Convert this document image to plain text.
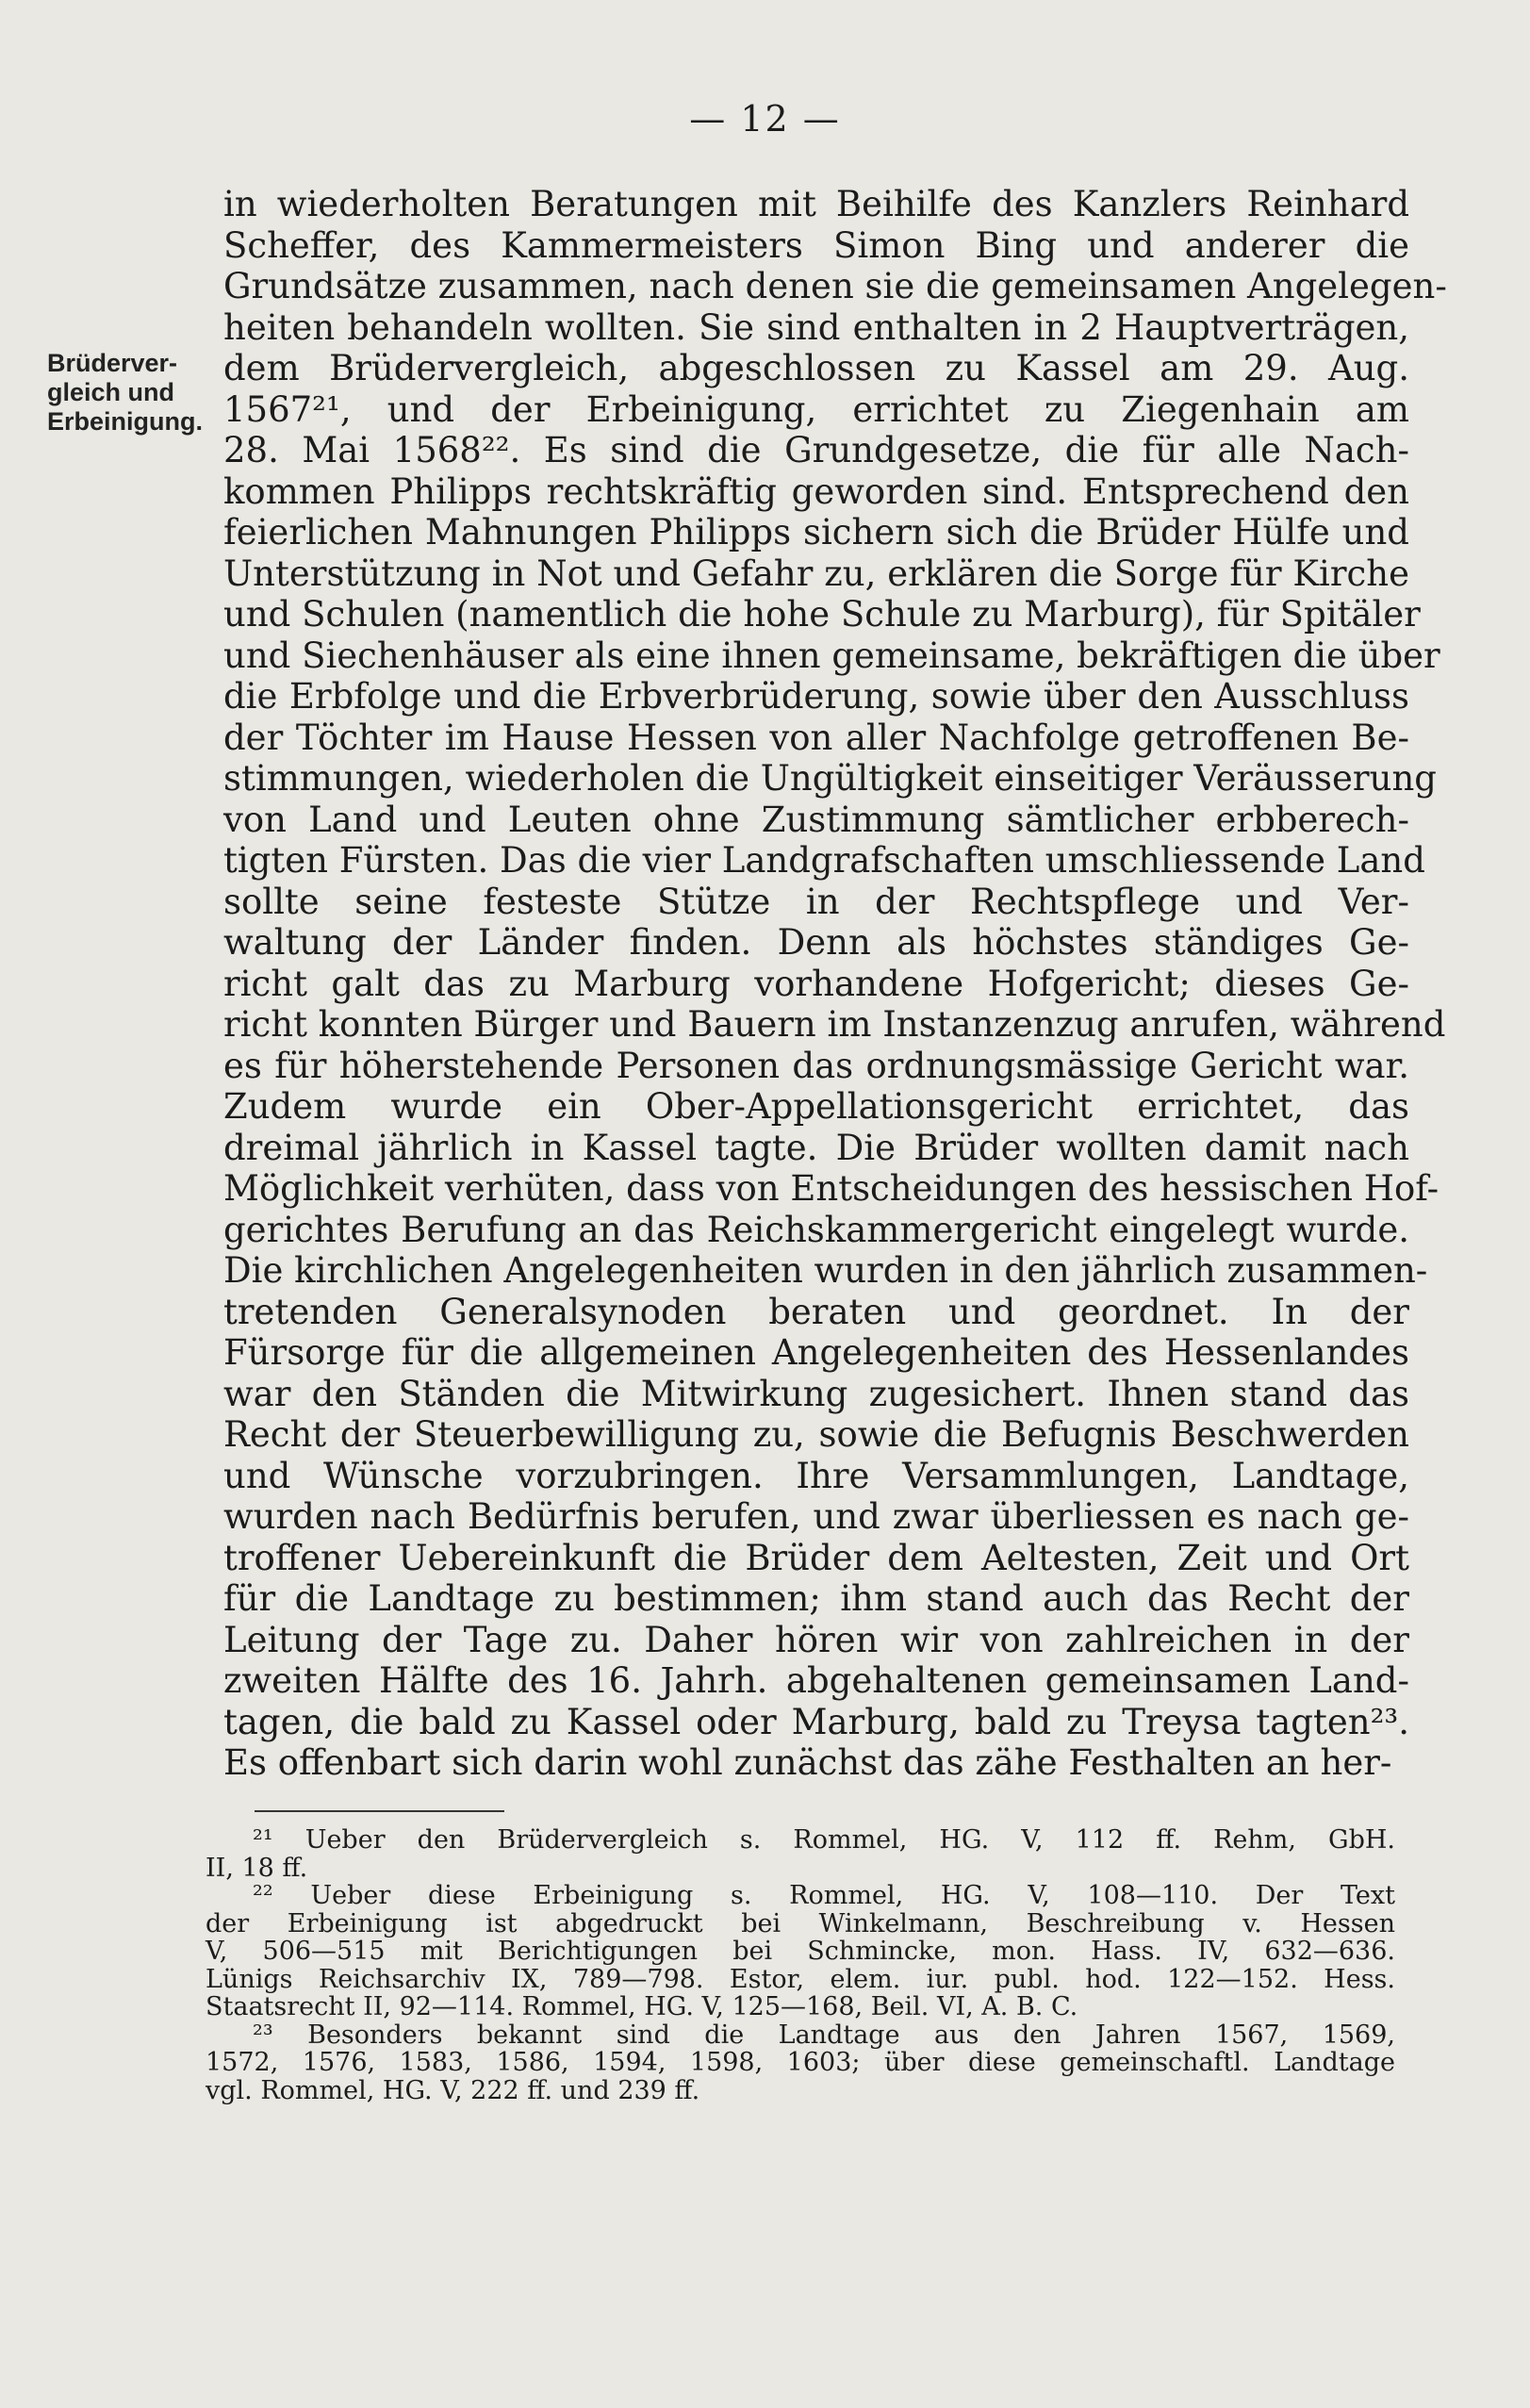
— 12 —
Brüderver-
gleich und
Erbeinigung.
in wiederholten Beratungen mit Beihilfe des Kanzlers Reinhard
Scheffer, des Kammermeisters Simon Bing und anderer die
Grundsätze zusammen, nach denen sie die gemeinsamen Angelegen-
heiten behandeln wollten. Sie sind enthalten in 2 Hauptverträgen,
dem Brüdervergleich, abgeschlossen zu Kassel am 29. Aug.
1567²¹, und der Erbeinigung, errichtet zu Ziegenhain am
28. Mai 1568²². Es sind die Grundgesetze, die für alle Nach-
kommen Philipps rechtskräftig geworden sind. Entsprechend den
feierlichen Mahnungen Philipps sichern sich die Brüder Hülfe und
Unterstützung in Not und Gefahr zu, erklären die Sorge für Kirche
und Schulen (namentlich die hohe Schule zu Marburg), für Spitäler
und Siechenhäuser als eine ihnen gemeinsame, bekräftigen die über
die Erbfolge und die Erbverbrüderung, sowie über den Ausschluss
der Töchter im Hause Hessen von aller Nachfolge getroffenen Be-
stimmungen, wiederholen die Ungültigkeit einseitiger Veräusserung
von Land und Leuten ohne Zustimmung sämtlicher erbberech-
tigten Fürsten. Das die vier Landgrafschaften umschliessende Land
sollte seine festeste Stütze in der Rechtspflege und Ver-
waltung der Länder finden. Denn als höchstes ständiges Ge-
richt galt das zu Marburg vorhandene Hofgericht; dieses Ge-
richt konnten Bürger und Bauern im Instanzenzug anrufen, während
es für höherstehende Personen das ordnungsmässige Gericht war.
Zudem wurde ein Ober-Appellationsgericht errichtet, das
dreimal jährlich in Kassel tagte. Die Brüder wollten damit nach
Möglichkeit verhüten, dass von Entscheidungen des hessischen Hof-
gerichtes Berufung an das Reichskammergericht eingelegt wurde.
Die kirchlichen Angelegenheiten wurden in den jährlich zusammen-
tretenden Generalsynoden beraten und geordnet. In der
Fürsorge für die allgemeinen Angelegenheiten des Hessenlandes
war den Ständen die Mitwirkung zugesichert. Ihnen stand das
Recht der Steuerbewilligung zu, sowie die Befugnis Beschwerden
und Wünsche vorzubringen. Ihre Versammlungen, Landtage,
wurden nach Bedürfnis berufen, und zwar überliessen es nach ge-
troffener Uebereinkunft die Brüder dem Aeltesten, Zeit und Ort
für die Landtage zu bestimmen; ihm stand auch das Recht der
Leitung der Tage zu. Daher hören wir von zahlreichen in der
zweiten Hälfte des 16. Jahrh. abgehaltenen gemeinsamen Land-
tagen, die bald zu Kassel oder Marburg, bald zu Treysa tagten²³.
Es offenbart sich darin wohl zunächst das zähe Festhalten an her-
²¹ Ueber den Brüdervergleich s. Rommel, HG. V, 112 ff. Rehm, GbH.
II, 18 ff.
²² Ueber diese Erbeinigung s. Rommel, HG. V, 108—110. Der Text
der Erbeinigung ist abgedruckt bei Winkelmann, Beschreibung v. Hessen
V, 506—515 mit Berichtigungen bei Schmincke, mon. Hass. IV, 632—636.
Lünigs Reichsarchiv IX, 789—798. Estor, elem. iur. publ. hod. 122—152. Hess.
Staatsrecht II, 92—114. Rommel, HG. V, 125—168, Beil. VI, A. B. C.
²³ Besonders bekannt sind die Landtage aus den Jahren 1567, 1569,
1572, 1576, 1583, 1586, 1594, 1598, 1603; über diese gemeinschaftl. Landtage
vgl. Rommel, HG. V, 222 ff. und 239 ff.
